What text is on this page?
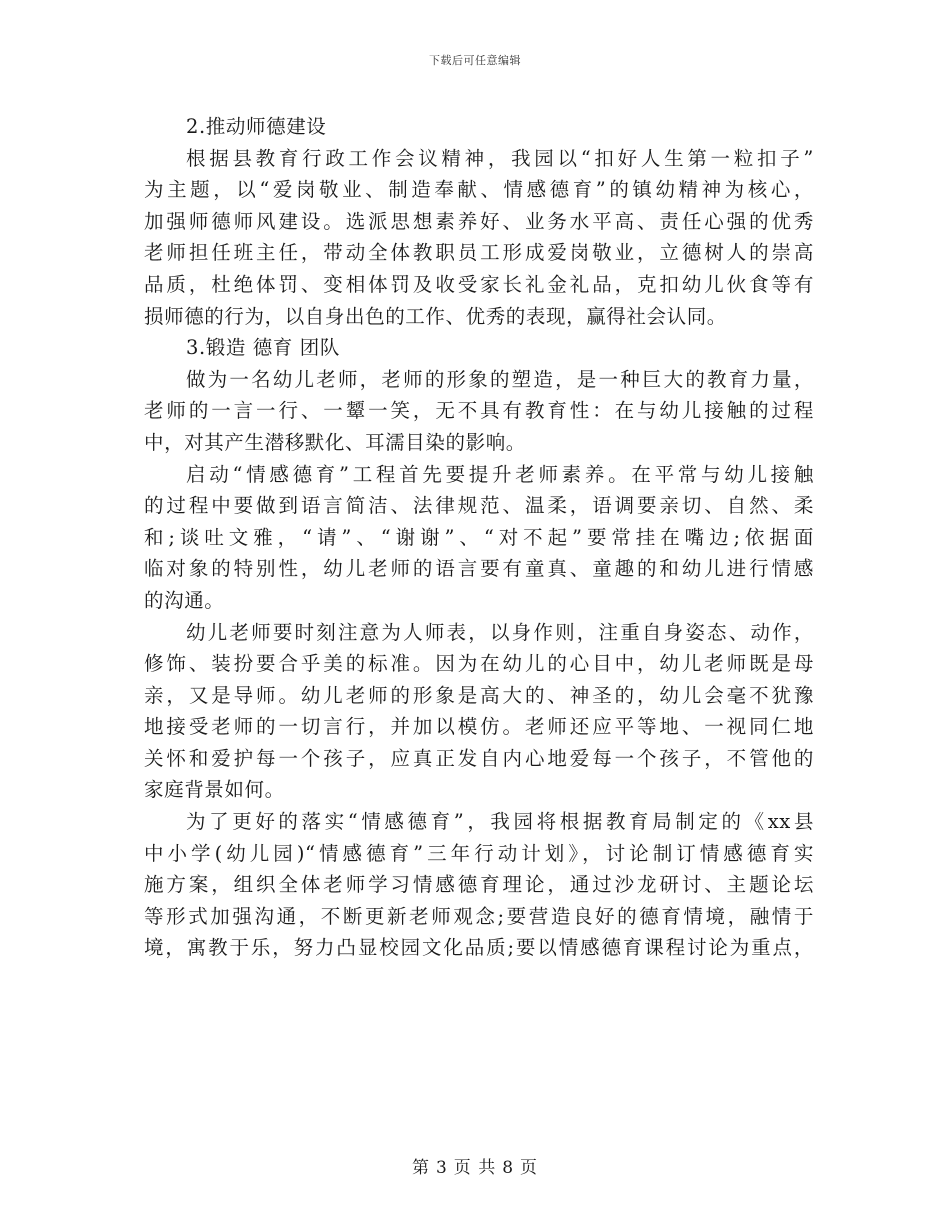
下载后可任意编辑
2.推动师德建设
根据县教育行政工作会议精神，我园以“扣好人生第一粒扣子”
为主题，以“爱岗敬业、制造奉献、情感德育”的镇幼精神为核心，
加强师德师风建设。选派思想素养好、业务水平高、责任心强的优秀
老师担任班主任，带动全体教职员工形成爱岗敬业，立德树人的崇高
品质，杜绝体罚、变相体罚及收受家长礼金礼品，克扣幼儿伙食等有
损师德的行为，以自身出色的工作、优秀的表现，赢得社会认同。
3.锻造 德育 团队
做为一名幼儿老师，老师的形象的塑造，是一种巨大的教育力量，
老师的一言一行、一颦一笑，无不具有教育性：在与幼儿接触的过程
中，对其产生潜移默化、耳濡目染的影响。
启动“情感德育”工程首先要提升老师素养。在平常与幼儿接触
的过程中要做到语言简洁、法律规范、温柔，语调要亲切、自然、柔
和;谈吐文雅，“请”、“谢谢”、“对不起”要常挂在嘴边;依据面
临对象的特别性，幼儿老师的语言要有童真、童趣的和幼儿进行情感
的沟通。
幼儿老师要时刻注意为人师表，以身作则，注重自身姿态、动作，
修饰、装扮要合乎美的标准。因为在幼儿的心目中，幼儿老师既是母
亲，又是导师。幼儿老师的形象是高大的、神圣的，幼儿会毫不犹豫
地接受老师的一切言行，并加以模仿。老师还应平等地、一视同仁地
关怀和爱护每一个孩子，应真正发自内心地爱每一个孩子，不管他的
家庭背景如何。
为了更好的落实“情感德育”，我园将根据教育局制定的《xx县
中小学(幼儿园)“情感德育”三年行动计划》，讨论制订情感德育实
施方案，组织全体老师学习情感德育理论，通过沙龙研讨、主题论坛
等形式加强沟通，不断更新老师观念;要营造良好的德育情境，融情于
境，寓教于乐，努力凸显校园文化品质;要以情感德育课程讨论为重点，
第 3 页 共 8 页
